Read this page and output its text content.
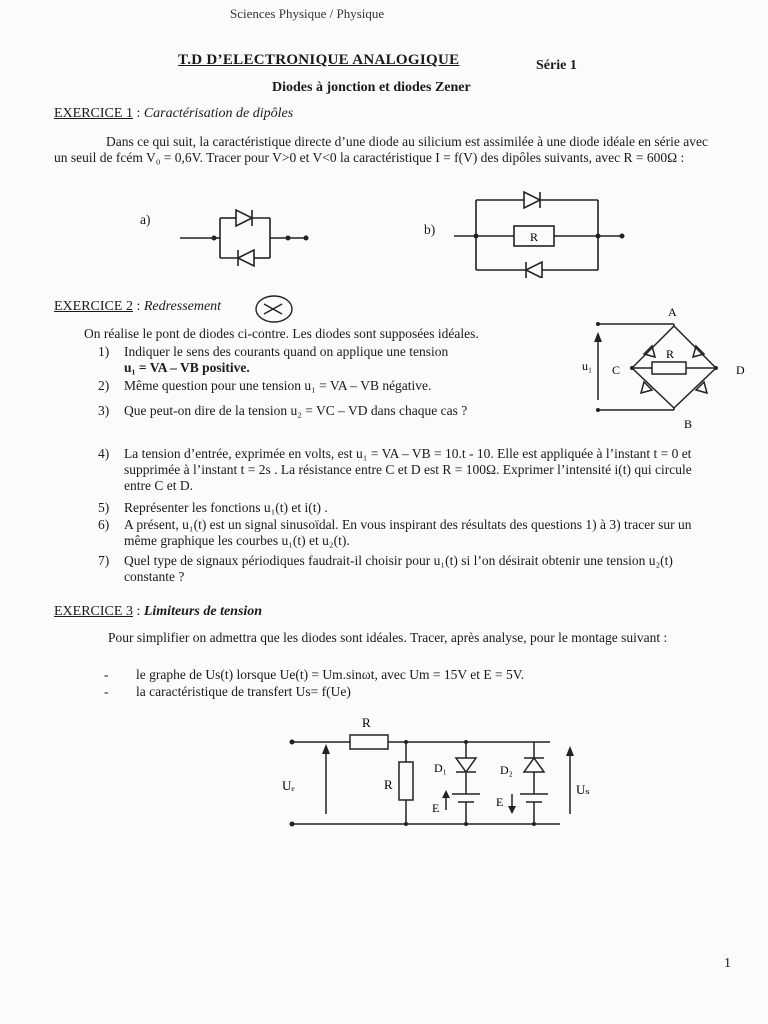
Sciences Physique / Physique
T.D D’ELECTRONIQUE ANALOGIQUE	Série 1
Diodes à jonction et diodes Zener
EXERCICE 1 : Caractérisation de dipôles
Dans ce qui suit, la caractéristique directe d’une diode au silicium est assimilée à une diode idéale en série avec un seuil de fcém V₀ = 0,6V. Tracer pour V>0 et V<0 la caractéristique I = f(V) des dipôles suivants, avec R = 600Ω :
a)
b)	R
EXERCICE 2 : Redressement
On réalise le pont de diodes ci-contre. Les diodes sont supposées idéales.
1) Indiquer le sens des courants quand on applique une tension
u₁ = VA – VB positive.
2) Même question pour une tension u₁ = VA – VB négative.
3) Que peut-on dire de la tension u₂ = VC – VD dans chaque cas ?
4) La tension d’entrée, exprimée en volts, est u₁ = VA – VB = 10.t - 10. Elle est appliquée à l’instant t = 0 et supprimée à l’instant t = 2s . La résistance entre C et D est R = 100Ω. Exprimer l’intensité i(t) qui circule entre C et D.
5) Représenter les fonctions u₁(t) et i(t) .
6) A présent, u₁(t) est un signal sinusoïdal. En vous inspirant des résultats des questions 1) à 3) tracer sur un même graphique les courbes u₁(t) et u₂(t).
7) Quel type de signaux périodiques faudrait-il choisir pour u₁(t) si l’on désirait obtenir une tension u₂(t) constante ?
A
B
C	D
R
u₁
EXERCICE 3 : Limiteurs de tension
Pour simplifier on admettra que les diodes sont idéales. Tracer, après analyse, pour le montage suivant :
- le graphe de Us(t) lorsque Ue(t) = Um.sinωt, avec Um = 15V et E = 5V.
- la caractéristique de transfert Us= f(Ue)
R
R
Uₑ	Uₛ
D₁	D₂
E	E
1
